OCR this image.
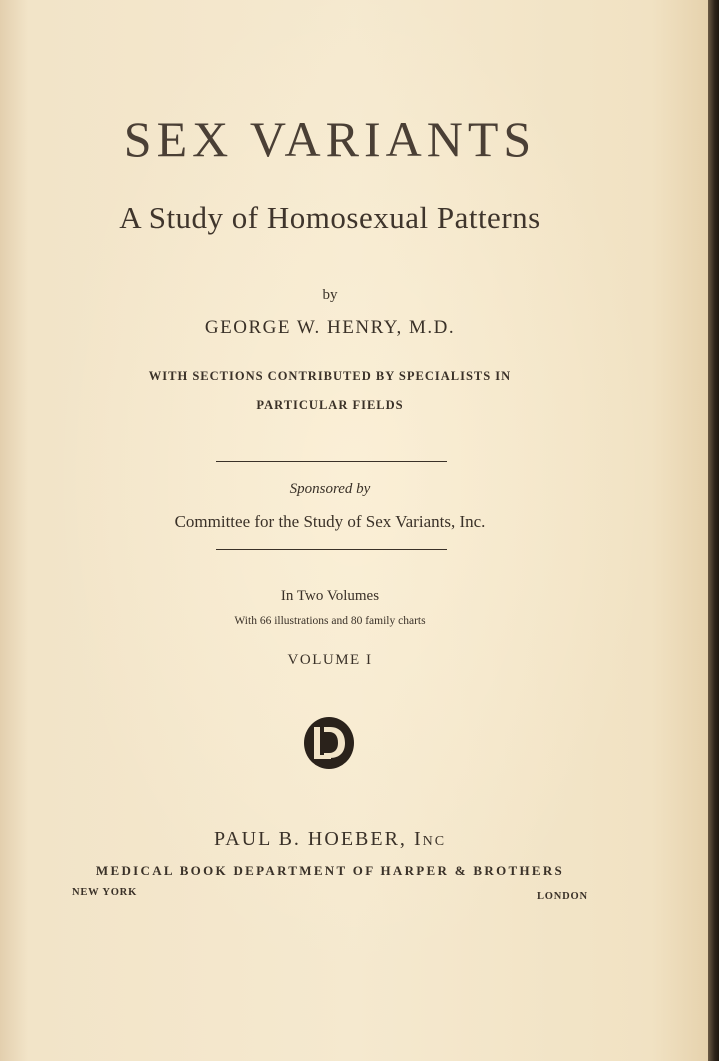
SEX VARIANTS
A Study of Homosexual Patterns
by
GEORGE W. HENRY, M.D.
WITH SECTIONS CONTRIBUTED BY SPECIALISTS IN
PARTICULAR FIELDS
Sponsored by
Committee for the Study of Sex Variants, Inc.
In Two Volumes
With 66 illustrations and 80 family charts
VOLUME I
PAUL B. HOEBER, Inc
MEDICAL BOOK DEPARTMENT OF HARPER & BROTHERS
NEW YORK	LONDON
